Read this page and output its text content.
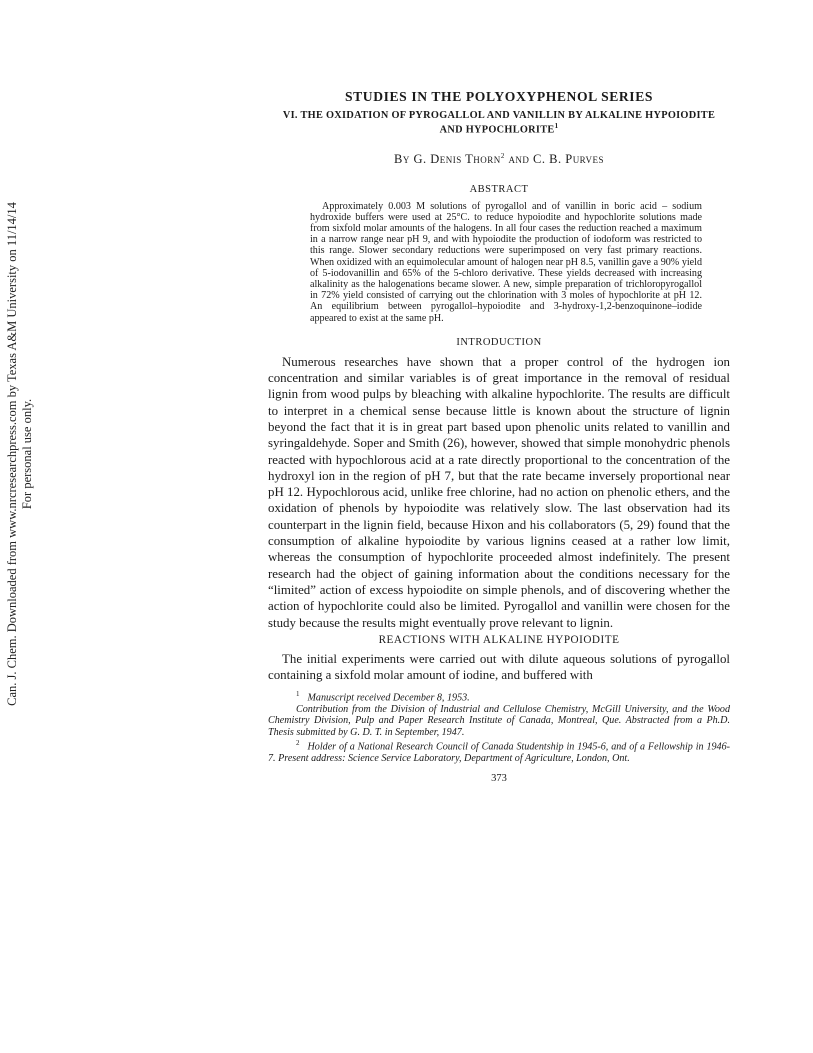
Can. J. Chem. Downloaded from www.nrcresearchpress.com by Texas A&M University on 11/14/14 For personal use only.
STUDIES IN THE POLYOXYPHENOL SERIES
VI. THE OXIDATION OF PYROGALLOL AND VANILLIN BY ALKALINE HYPOIODITE AND HYPOCHLORITE$^1$
By G. Denis Thorn$^2$ and C. B. Purves
ABSTRACT

Approximately 0.003 M solutions of pyrogallol and of vanillin in boric acid – sodium hydroxide buffers were used at 25°C. to reduce hypoiodite and hypochlorite solutions made from sixfold molar amounts of the halogens. In all four cases the reduction reached a maximum in a narrow range near pH 9, and with hypoiodite the production of iodoform was restricted to this range. Slower secondary reductions were superimposed on very fast primary reactions. When oxidized with an equimolecular amount of halogen near pH 8.5, vanillin gave a 90% yield of 5-iodovanillin and 65% of the 5-chloro derivative. These yields decreased with increasing alkalinity as the halogenations became slower. A new, simple preparation of trichloropyrogallol in 72% yield consisted of carrying out the chlorination with 3 moles of hypochlorite at pH 12. An equilibrium between pyrogallol–hypoiodite and 3-hydroxy-1,2-benzoquinone–iodide appeared to exist at the same pH.

INTRODUCTION

Numerous researches have shown that a proper control of the hydrogen ion concentration and similar variables is of great importance in the removal of residual lignin from wood pulps by bleaching with alkaline hypochlorite. The results are difficult to interpret in a chemical sense because little is known about the structure of lignin beyond the fact that it is in great part based upon phenolic units related to vanillin and syringaldehyde. Soper and Smith (26), however, showed that simple monohydric phenols reacted with hypochlorous acid at a rate directly proportional to the concentration of the hydroxyl ion in the region of pH 7, but that the rate became inversely proportional near pH 12. Hypochlorous acid, unlike free chlorine, had no action on phenolic ethers, and the oxidation of phenols by hypoiodite was relatively slow. The last observation had its counterpart in the lignin field, because Hixon and his collaborators (5, 29) found that the consumption of alkaline hypoiodite by various lignins ceased at a rather low limit, whereas the consumption of hypochlorite proceeded almost indefinitely. The present research had the object of gaining information about the conditions necessary for the “limited” action of excess hypoiodite on simple phenols, and of discovering whether the action of hypochlorite could also be limited. Pyrogallol and vanillin were chosen for the study because the results might eventually prove relevant to lignin.

REACTIONS WITH ALKALINE HYPOIODITE

The initial experiments were carried out with dilute aqueous solutions of pyrogallol containing a sixfold molar amount of iodine, and buffered with

$^1$ Manuscript received December 8, 1953.

Contribution from the Division of Industrial and Cellulose Chemistry, McGill University, and the Wood Chemistry Division, Pulp and Paper Research Institute of Canada, Montreal, Que. Abstracted from a Ph.D. Thesis submitted by G. D. T. in September, 1947.

$^2$ Holder of a National Research Council of Canada Studentship in 1945-6, and of a Fellowship in 1946-7. Present address: Science Service Laboratory, Department of Agriculture, London, Ont.

373
